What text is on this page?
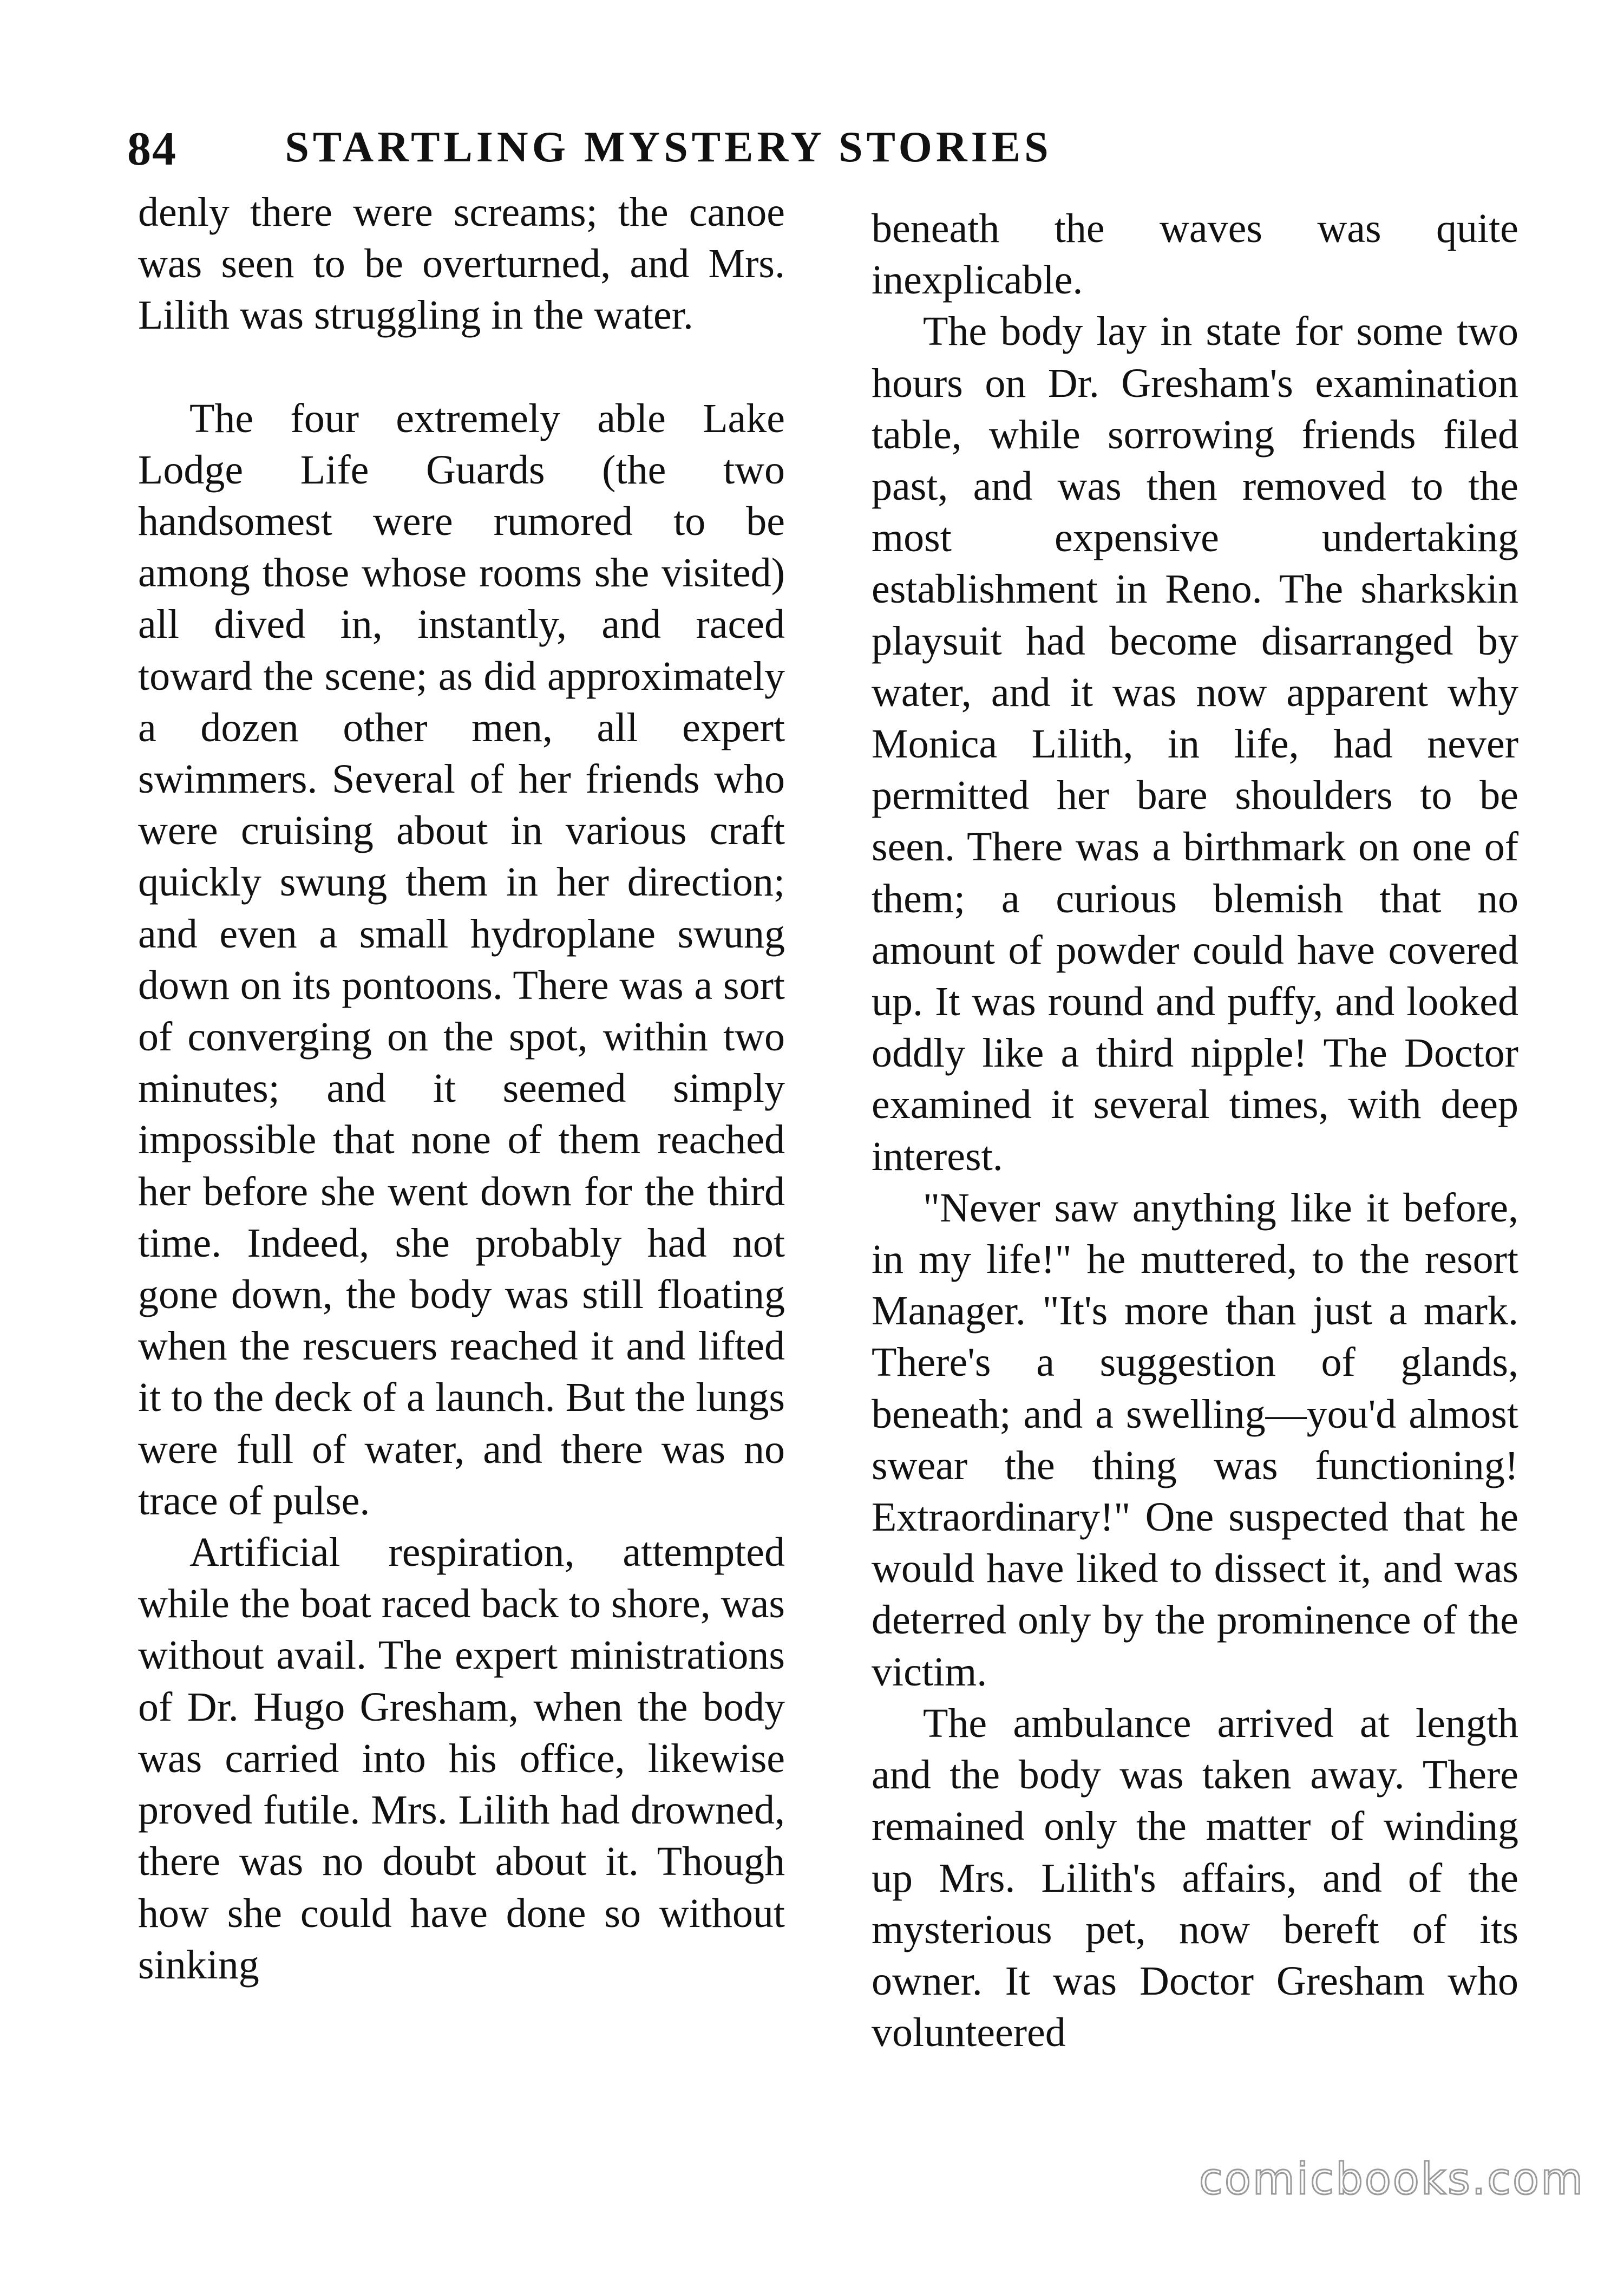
STARTLING MYSTERY STORIES
84

denly there were screams; the canoe was seen to be overturned, and Mrs. Lilith was struggling in the water.

The four extremely able Lake Lodge Life Guards (the two handsomest were rumored to be among those whose rooms she visited) all dived in, instantly, and raced toward the scene; as did approximately a dozen other men, all expert swimmers. Several of her friends who were cruising about in various craft quickly swung them in her direction; and even a small hydroplane swung down on its pontoons. There was a sort of converging on the spot, within two minutes; and it seemed simply impossible that none of them reached her before she went down for the third time. Indeed, she probably had not gone down, the body was still floating when the rescuers reached it and lifted it to the deck of a launch. But the lungs were full of water, and there was no trace of pulse.

Artificial respiration, attempted while the boat raced back to shore, was without avail. The expert ministrations of Dr. Hugo Gresham, when the body was carried into his office, likewise proved futile. Mrs. Lilith had drowned, there was no doubt about it. Though how she could have done so without sinking

beneath the waves was quite inexplicable.

The body lay in state for some two hours on Dr. Gresham's examination table, while sorrowing friends filed past, and was then removed to the most expensive undertaking establishment in Reno. The sharkskin playsuit had become disarranged by water, and it was now apparent why Monica Lilith, in life, had never permitted her bare shoulders to be seen. There was a birthmark on one of them; a curious blemish that no amount of powder could have covered up. It was round and puffy, and looked oddly like a third nipple! The Doctor examined it several times, with deep interest.

"Never saw anything like it before, in my life!" he muttered, to the resort Manager. "It's more than just a mark. There's a suggestion of glands, beneath; and a swelling—you'd almost swear the thing was functioning! Extraordinary!" One suspected that he would have liked to dissect it, and was deterred only by the prominence of the victim.

The ambulance arrived at length and the body was taken away. There remained only the matter of winding up Mrs. Lilith's affairs, and of the mysterious pet, now bereft of its owner. It was Doctor Gresham who volunteered

comicbooks.com
